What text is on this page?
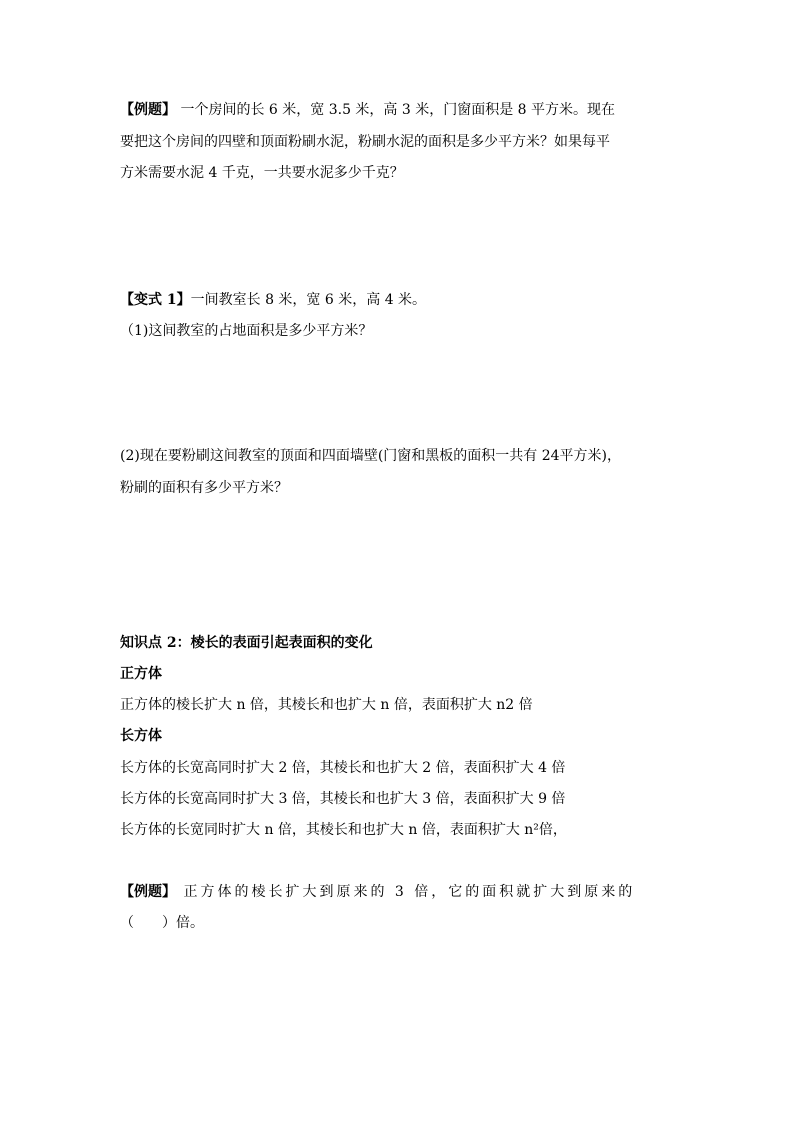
【例题】 一个房间的长 6 米，宽 3.5 米，高 3 米，门窗面积是 8 平方米。现在
要把这个房间的四壁和顶面粉刷水泥，粉刷水泥的面积是多少平方米？如果每平
方米需要水泥 4 千克，一共要水泥多少千克？
【变式 1】一间教室长 8 米，宽 6 米，高 4 米。
（1)这间教室的占地面积是多少平方米？
(2)现在要粉刷这间教室的顶面和四面墙壁(门窗和黑板的面积一共有 24平方米)，
粉刷的面积有多少平方米？
知识点 2：棱长的表面引起表面积的变化
正方体
正方体的棱长扩大 n 倍，其棱长和也扩大 n 倍，表面积扩大 n2 倍
长方体
长方体的长宽高同时扩大 2 倍，其棱长和也扩大 2 倍，表面积扩大 4 倍
长方体的长宽高同时扩大 3 倍，其棱长和也扩大 3 倍，表面积扩大 9 倍
长方体的长宽同时扩大 n 倍，其棱长和也扩大 n 倍，表面积扩大 n²倍，
【例题】 正方体的棱长扩大到原来的 3 倍，它的面积就扩大到原来的
（　　）倍。
